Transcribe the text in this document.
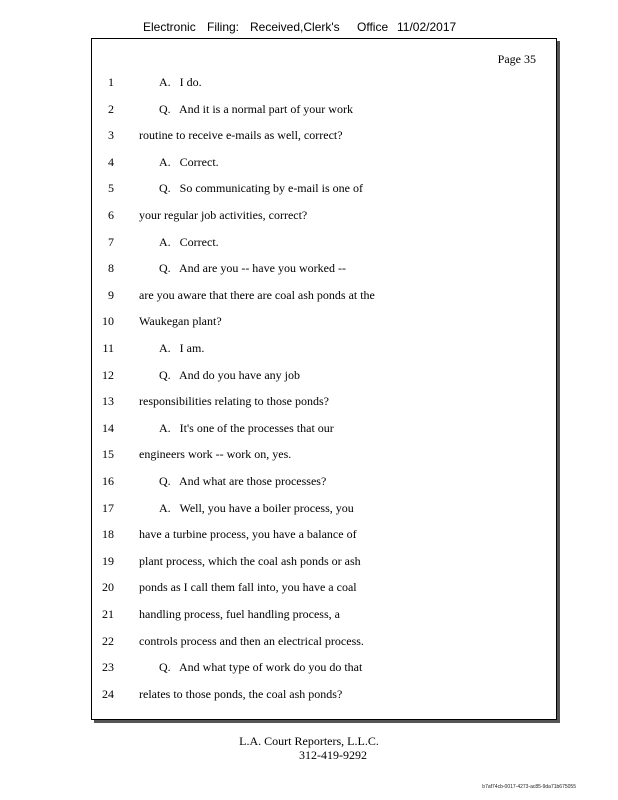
Electronic Filing: Received,Clerk's Office 11/02/2017
Page 35
1	A.   I do.
2	Q.   And it is a normal part of your work
3 routine to receive e-mails as well, correct?
4	A.   Correct.
5	Q.   So communicating by e-mail is one of
6 your regular job activities, correct?
7	A.   Correct.
8	Q.   And are you -- have you worked --
9 are you aware that there are coal ash ponds at the
10 Waukegan plant?
11	A.   I am.
12	Q.   And do you have any job
13 responsibilities relating to those ponds?
14	A.   It's one of the processes that our
15 engineers work -- work on, yes.
16	Q.   And what are those processes?
17	A.   Well, you have a boiler process, you
18 have a turbine process, you have a balance of
19 plant process, which the coal ash ponds or ash
20 ponds as I call them fall into, you have a coal
21 handling process, fuel handling process, a
22 controls process and then an electrical process.
23	Q.   And what type of work do you do that
24 relates to those ponds, the coal ash ponds?
L.A. Court Reporters, L.L.C.
312-419-9292
b7af74cb-0017-4273-ac85-9da71b675055
